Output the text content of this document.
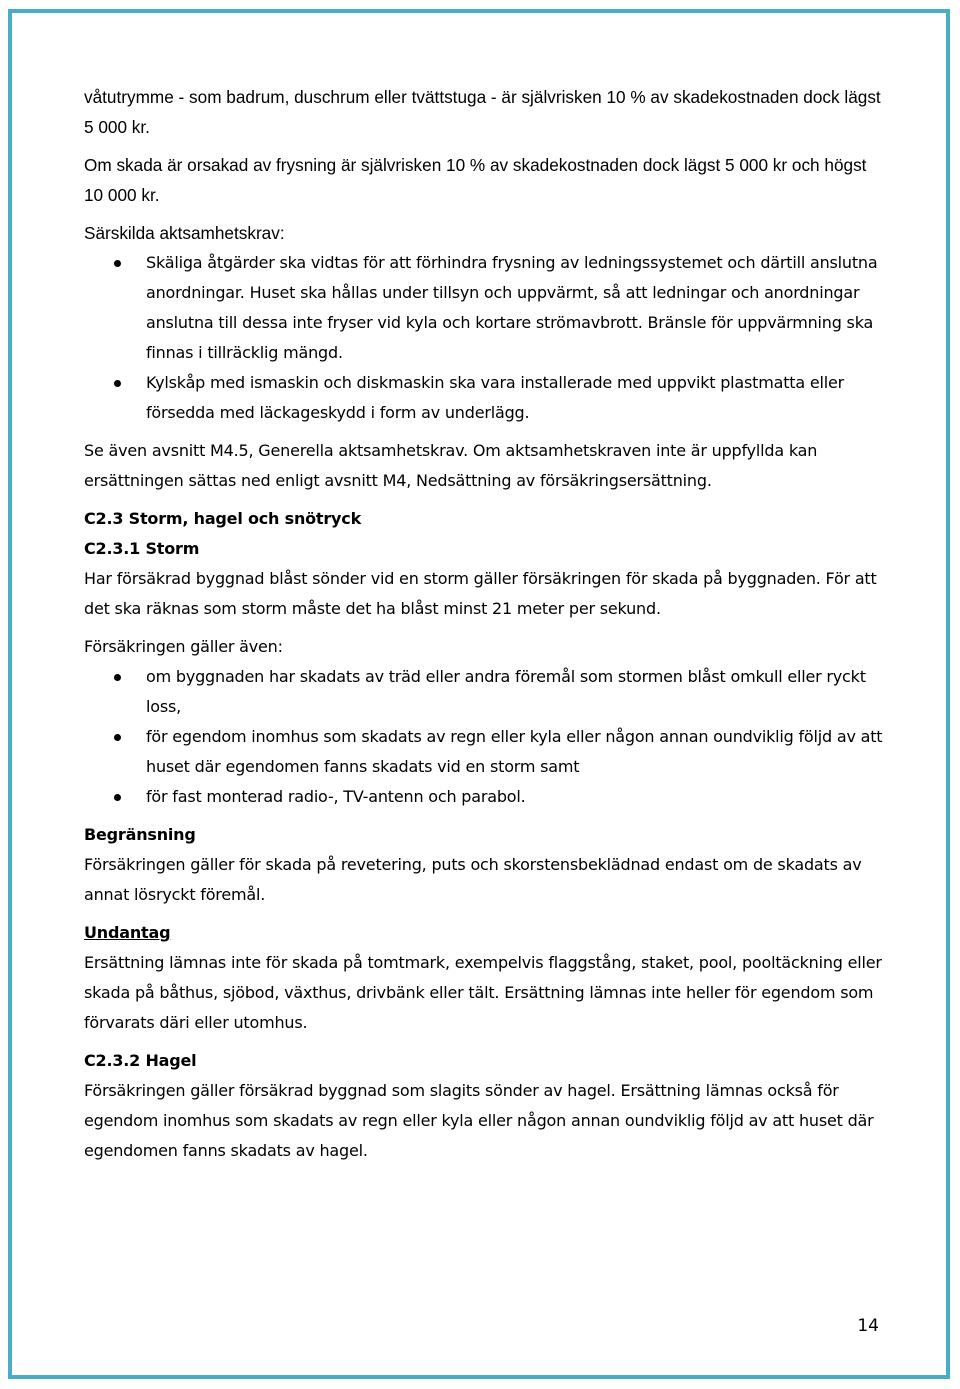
våtutrymme - som badrum, duschrum eller tvättstuga - är självrisken 10 % av skadekostnaden dock lägst 5 000 kr.

Om skada är orsakad av frysning är självrisken 10 % av skadekostnaden dock lägst 5 000 kr och högst 10 000 kr.

Särskilda aktsamhetskrav:

Skäliga åtgärder ska vidtas för att förhindra frysning av ledningssystemet och därtill anslutna anordningar. Huset ska hållas under tillsyn och uppvärmt, så att ledningar och anordningar anslutna till dessa inte fryser vid kyla och kortare strömavbrott. Bränsle för uppvärmning ska finnas i tillräcklig mängd.
Kylskåp med ismaskin och diskmaskin ska vara installerade med uppvikt plastmatta eller försedda med läckageskydd i form av underlägg.

Se även avsnitt M4.5, Generella aktsamhetskrav. Om aktsamhetskraven inte är uppfyllda kan ersättningen sättas ned enligt avsnitt M4, Nedsättning av försäkringsersättning.

C2.3 Storm, hagel och snötryck

C2.3.1 Storm

Har försäkrad byggnad blåst sönder vid en storm gäller försäkringen för skada på byggnaden. För att det ska räknas som storm måste det ha blåst minst 21 meter per sekund.

Försäkringen gäller även:

om byggnaden har skadats av träd eller andra föremål som stormen blåst omkull eller ryckt loss,
för egendom inomhus som skadats av regn eller kyla eller någon annan oundviklig följd av att huset där egendomen fanns skadats vid en storm samt
för fast monterad radio-, TV-antenn och parabol.

Begränsning

Försäkringen gäller för skada på revetering, puts och skorstensbeklädnad endast om de skadats av annat lösryckt föremål.

Undantag

Ersättning lämnas inte för skada på tomtmark, exempelvis flaggstång, staket, pool, pooltäckning eller skada på båthus, sjöbod, växthus, drivbänk eller tält. Ersättning lämnas inte heller för egendom som förvarats däri eller utomhus.

C2.3.2 Hagel

Försäkringen gäller försäkrad byggnad som slagits sönder av hagel. Ersättning lämnas också för egendom inomhus som skadats av regn eller kyla eller någon annan oundviklig följd av att huset där egendomen fanns skadats av hagel.

14
